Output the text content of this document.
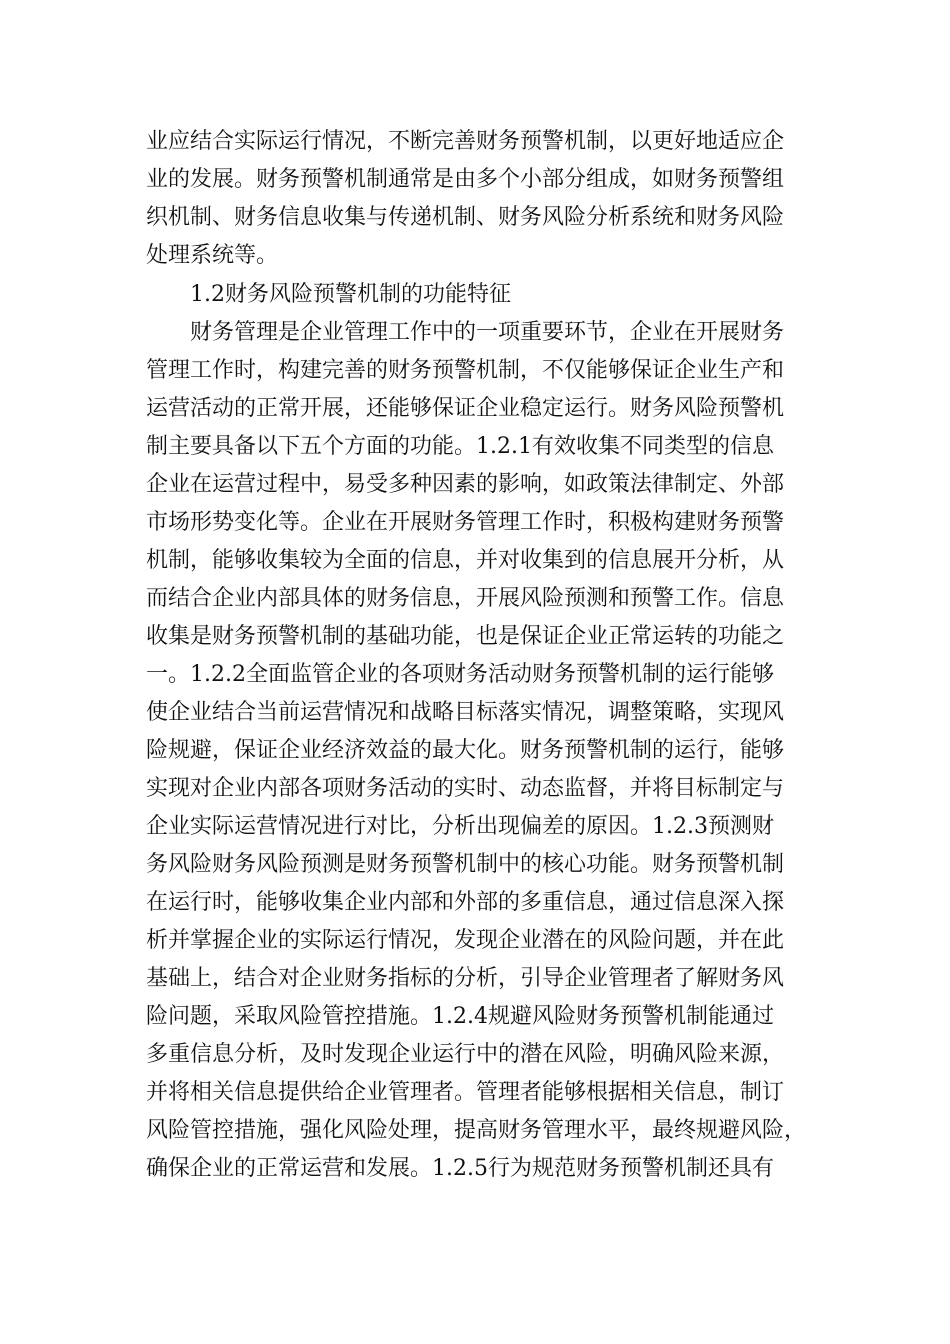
业应结合实际运行情况，不断完善财务预警机制，以更好地适应企
业的发展。财务预警机制通常是由多个小部分组成，如财务预警组
织机制、财务信息收集与传递机制、财务风险分析系统和财务风险
处理系统等。
1.2财务风险预警机制的功能特征
财务管理是企业管理工作中的一项重要环节，企业在开展财务
管理工作时，构建完善的财务预警机制，不仅能够保证企业生产和
运营活动的正常开展，还能够保证企业稳定运行。财务风险预警机
制主要具备以下五个方面的功能。1.2.1有效收集不同类型的信息
企业在运营过程中，易受多种因素的影响，如政策法律制定、外部
市场形势变化等。企业在开展财务管理工作时，积极构建财务预警
机制，能够收集较为全面的信息，并对收集到的信息展开分析，从
而结合企业内部具体的财务信息，开展风险预测和预警工作。信息
收集是财务预警机制的基础功能，也是保证企业正常运转的功能之
一。1.2.2全面监管企业的各项财务活动财务预警机制的运行能够
使企业结合当前运营情况和战略目标落实情况，调整策略，实现风
险规避，保证企业经济效益的最大化。财务预警机制的运行，能够
实现对企业内部各项财务活动的实时、动态监督，并将目标制定与
企业实际运营情况进行对比，分析出现偏差的原因。1.2.3预测财
务风险财务风险预测是财务预警机制中的核心功能。财务预警机制
在运行时，能够收集企业内部和外部的多重信息，通过信息深入探
析并掌握企业的实际运行情况，发现企业潜在的风险问题，并在此
基础上，结合对企业财务指标的分析，引导企业管理者了解财务风
险问题，采取风险管控措施。1.2.4规避风险财务预警机制能通过
多重信息分析，及时发现企业运行中的潜在风险，明确风险来源，
并将相关信息提供给企业管理者。管理者能够根据相关信息，制订
风险管控措施，强化风险处理，提高财务管理水平，最终规避风险，
确保企业的正常运营和发展。1.2.5行为规范财务预警机制还具有
